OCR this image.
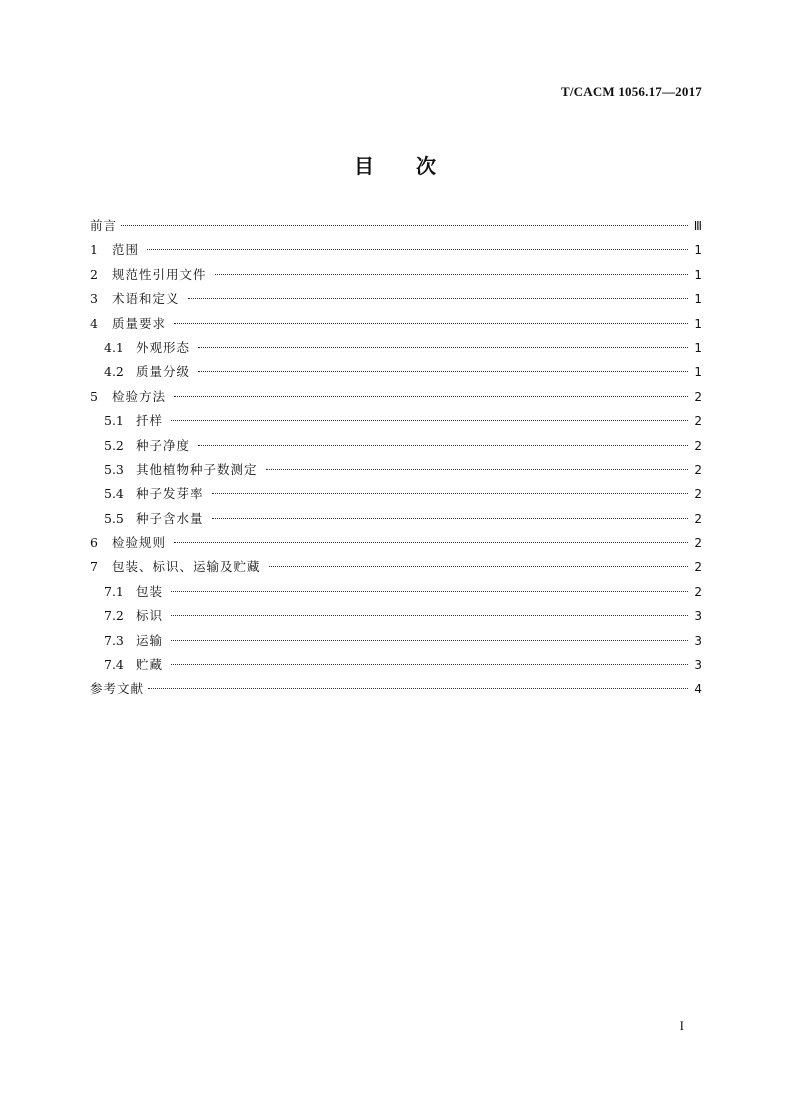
T/CACM 1056.17—2017
目 次
前言	Ⅲ
1	范围	1
2	规范性引用文件	1
3	术语和定义	1
4	质量要求	1
4.1 外观形态	1
4.2 质量分级	1
5	检验方法	2
5.1 扦样	2
5.2 种子净度	2
5.3 其他植物种子数测定	2
5.4 种子发芽率	2
5.5 种子含水量	2
6	检验规则	2
7	包装、标识、运输及贮藏	2
7.1 包装	2
7.2 标识	3
7.3 运输	3
7.4 贮藏	3
参考文献	4
I
